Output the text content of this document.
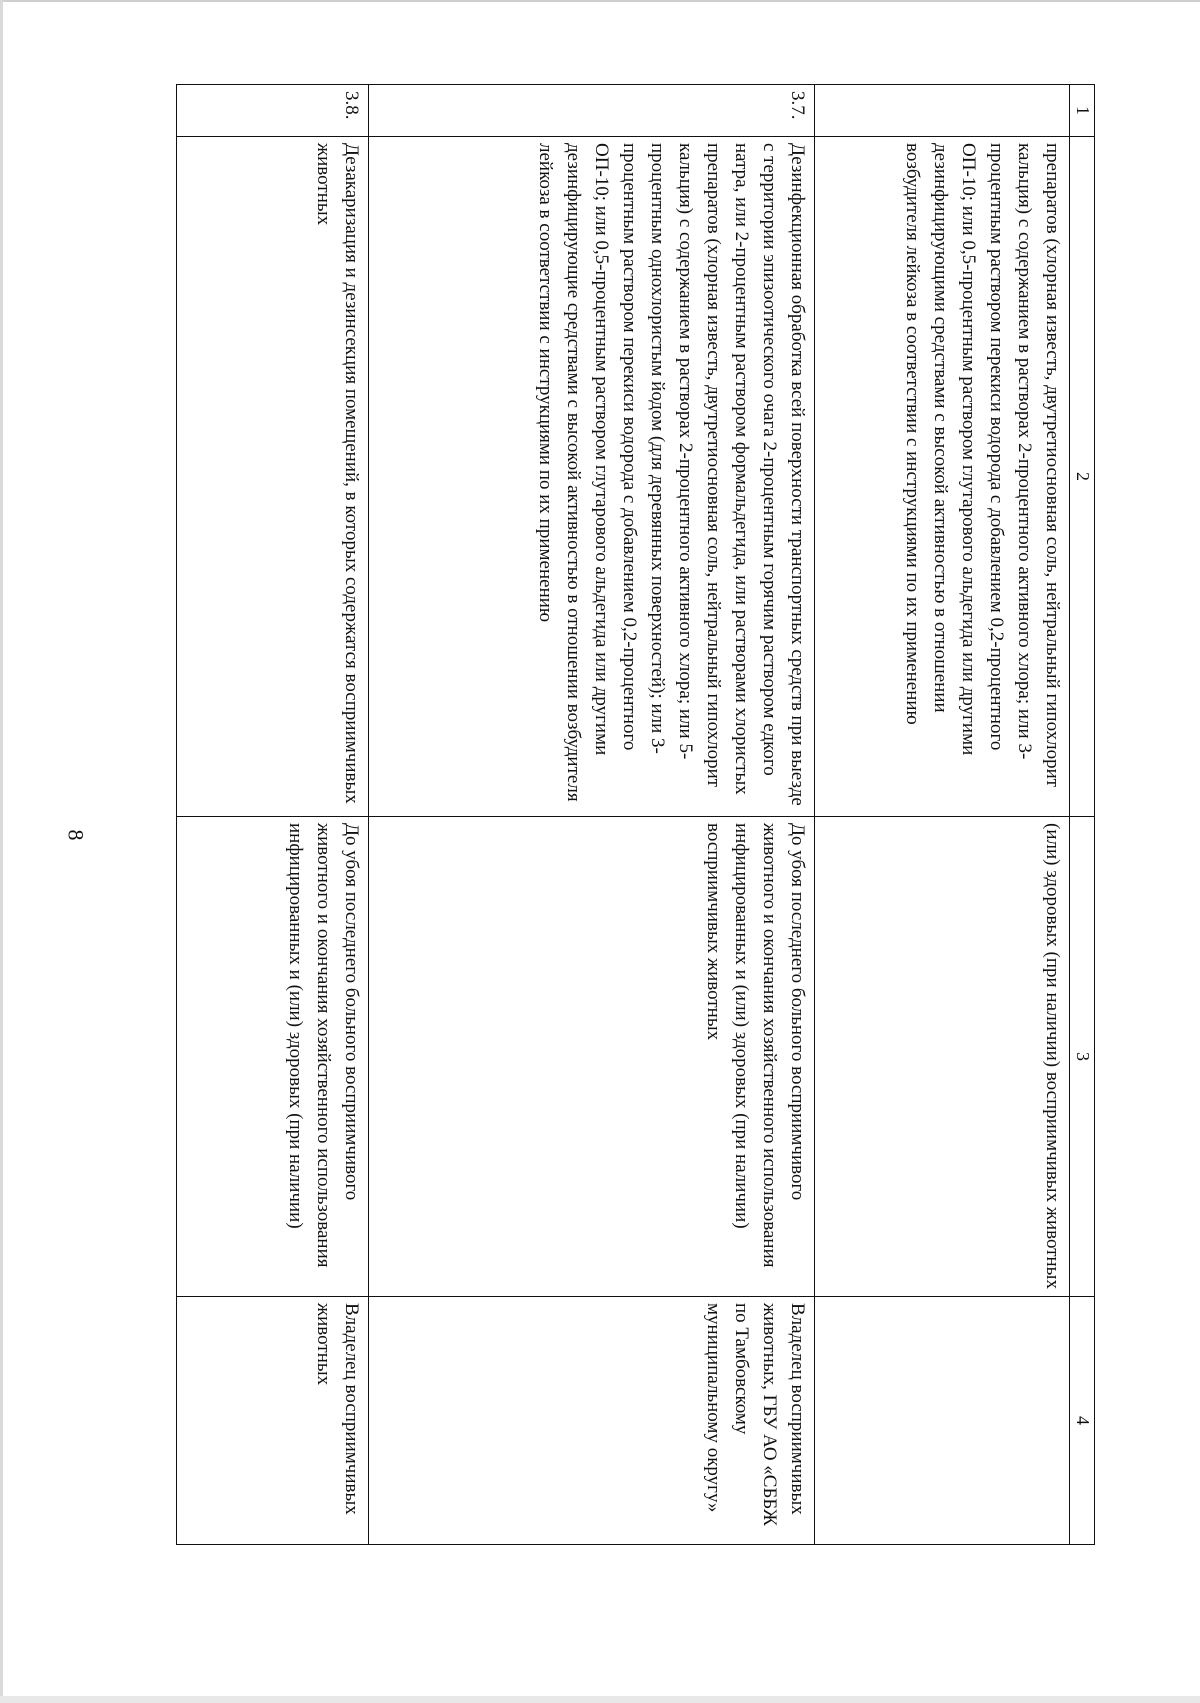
8
1	2	3	4
	препаратов (хлорная известь, двутретиосновная соль, нейтральный гипохлорит кальция) с содержанием в растворах 2-процентного активного хлора; или 3-процентным раствором перекиси водорода с добавлением 0,2-процентного ОП-10; или 0,5-процентным раствором глутарового альдегида или другими дезинфицирующими средствами с высокой активностью в отношении возбудителя лейкоза в соответствии с инструкциями по их применению	(или) здоровых (при наличии) восприимчивых животных	
3.7.	Дезинфекционная обработка всей поверхности транспортных средств при выезде с территории эпизоотического очага 2-процентным горячим раствором едкого натра, или 2-процентным раствором формальдегида, или растворами хлористых препаратов (хлорная известь, двутретиосновная соль, нейтральный гипохлорит кальция) с содержанием в растворах 2-процентного активного хлора; или 5-процентным однохлористым йодом (для деревянных поверхностей); или 3-процентным раствором перекиси водорода с добавлением 0,2-процентного ОП-10; или 0,5-процентным раствором глутарового альдегида или другими дезинфицирующие средствами с высокой активностью в отношении возбудителя лейкоза в соответствии с инструкциями по их применению	До убоя последнего больного восприимчивого животного и окончания хозяйственного использования инфицированных и (или) здоровых (при наличии) восприимчивых животных	Владелец восприимчивых животных, ГБУ АО «СББЖ по Тамбовскому муниципальному округу»
3.8.	Дезакаризация и дезинсекция помещений, в которых содержатся восприимчивых животных	До убоя последнего больного восприимчивого животного и окончания хозяйственного использования инфицированных и (или) здоровых (при наличии)	Владелец восприимчивых животных
